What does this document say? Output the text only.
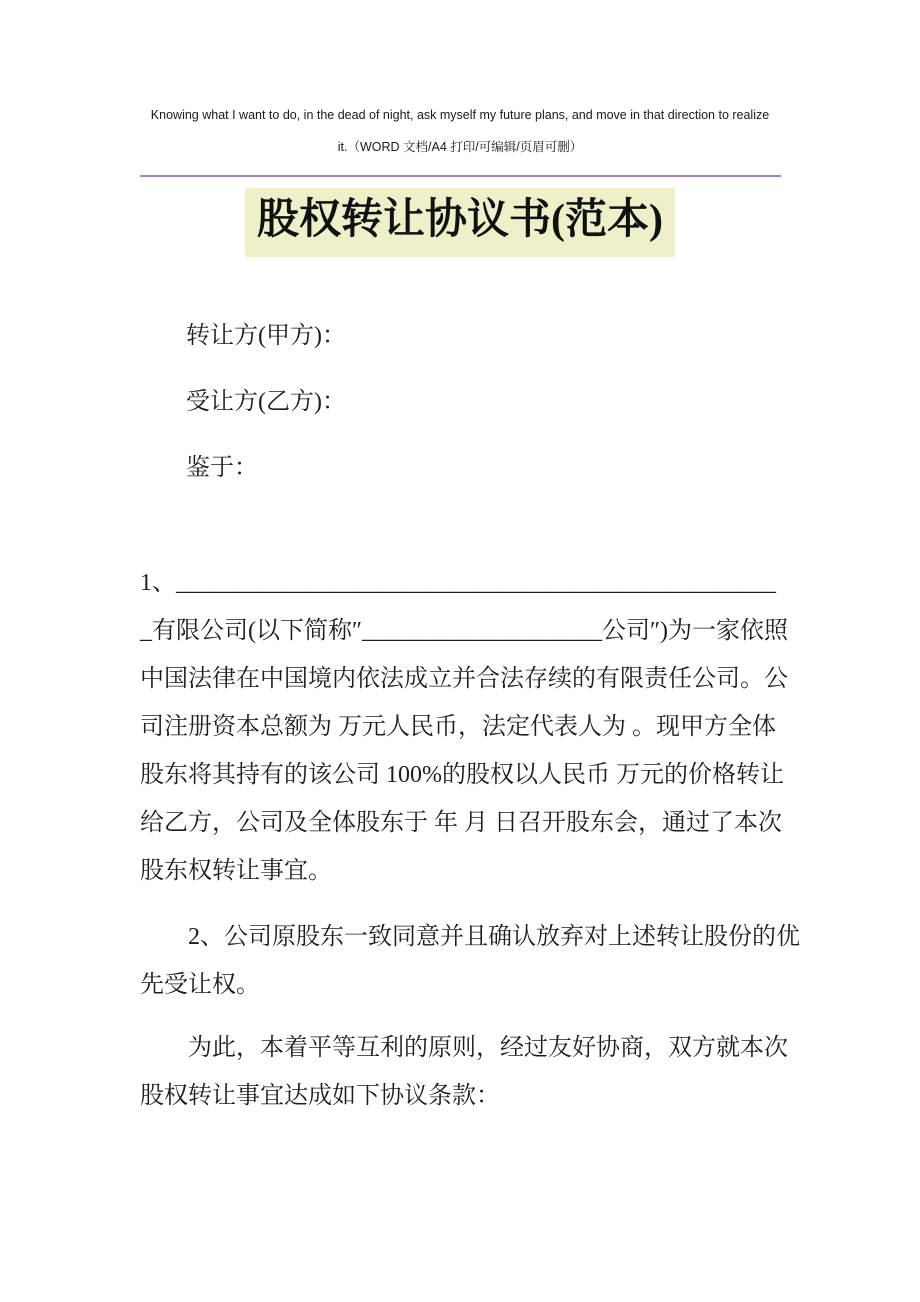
Knowing what I want to do, in the dead of night, ask myself my future plans, and move in that direction to realize
it.（WORD 文档/A4 打印/可编辑/页眉可删）
股权转让协议书(范本)
转让方(甲方)：
受让方(乙方)：
鉴于：
1、__________________________________________________
_有限公司(以下简称″____________________公司″)为一家依照
中国法律在中国境内依法成立并合法存续的有限责任公司。公
司注册资本总额为 万元人民币，法定代表人为 。现甲方全体
股东将其持有的该公司 100%的股权以人民币 万元的价格转让
给乙方，公司及全体股东于 年 月 日召开股东会，通过了本次
股东权转让事宜。
2、公司原股东一致同意并且确认放弃对上述转让股份的优
先受让权。
为此，本着平等互利的原则，经过友好协商，双方就本次
股权转让事宜达成如下协议条款：
